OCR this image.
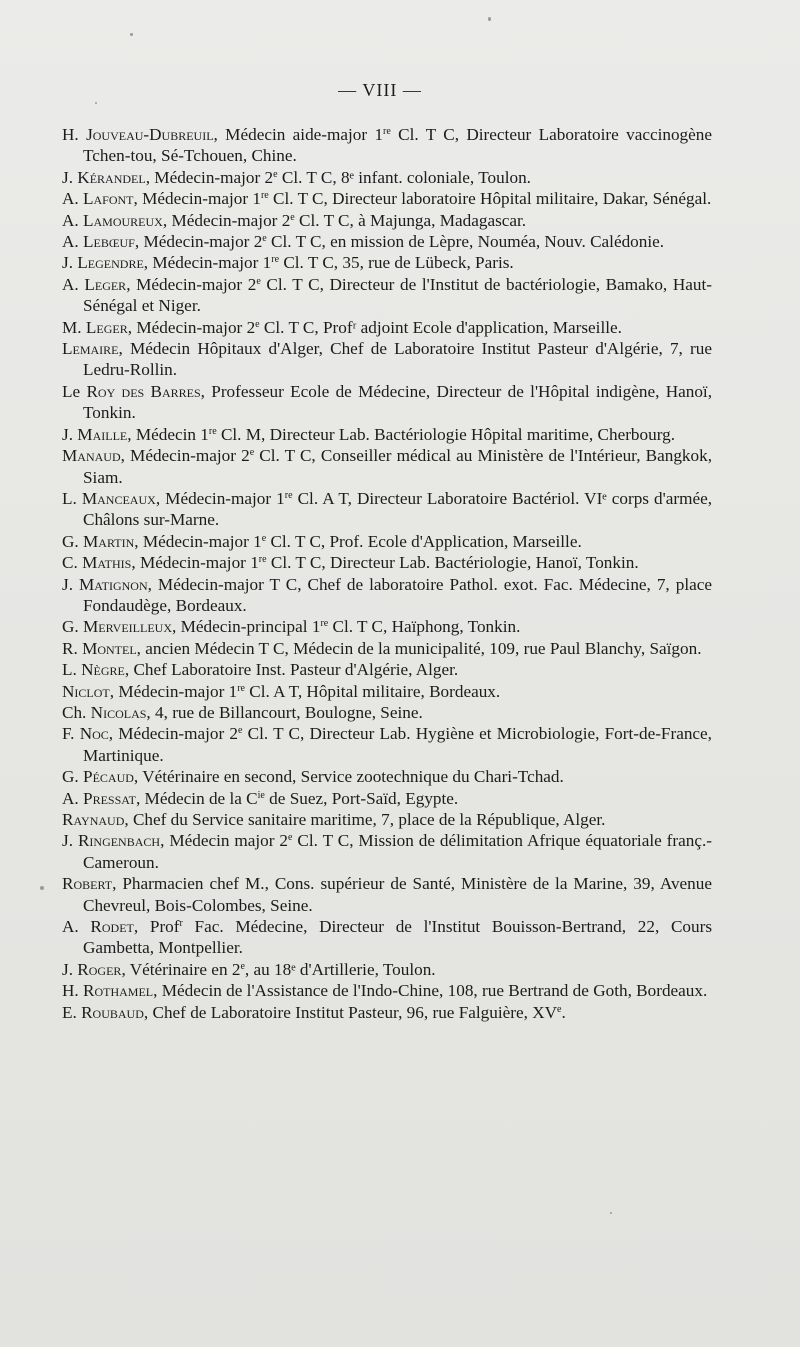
— VIII —
H. Jouveau-Dubreuil, Médecin aide-major 1re Cl. T C, Directeur Laboratoire vaccinogène Tchen-tou, Sé-Tchouen, Chine.
J. Kérandel, Médecin-major 2e Cl. T C, 8ᵉ infant. coloniale, Toulon.
A. Lafont, Médecin-major 1re Cl. T C, Directeur laboratoire Hôpital militaire, Dakar, Sénégal.
A. Lamoureux, Médecin-major 2e Cl. T C, à Majunga, Madagascar.
A. Lebœuf, Médecin-major 2e Cl. T C, en mission de Lèpre, Nouméa, Nouv. Calédonie.
J. Legendre, Médecin-major 1re Cl. T C, 35, rue de Lübeck, Paris.
A. Leger, Médecin-major 2e Cl. T C, Directeur de l'Institut de bactériologie, Bamako, Haut-Sénégal et Niger.
M. Leger, Médecin-major 2e Cl. T C, Profʳ adjoint Ecole d'application, Marseille.
Lemaire, Médecin Hôpitaux d'Alger, Chef de Laboratoire Institut Pasteur d'Algérie, 7, rue Ledru-Rollin.
Le Roy des Barres, Professeur Ecole de Médecine, Directeur de l'Hôpital indigène, Hanoï, Tonkin.
J. Maille, Médecin 1re Cl. M, Directeur Lab. Bactériologie Hôpital maritime, Cherbourg.
Manaud, Médecin-major 2e Cl. T C, Conseiller médical au Ministère de l'Intérieur, Bangkok, Siam.
L. Manceaux, Médecin-major 1re Cl. A T, Directeur Laboratoire Bactériol. VIᵉ corps d'armée, Châlons sur-Marne.
G. Martin, Médecin-major 1e Cl. T C, Prof. Ecole d'Application, Marseille.
C. Mathis, Médecin-major 1re Cl. T C, Directeur Lab. Bactériologie, Hanoï, Tonkin.
J. Matignon, Médecin-major T C, Chef de laboratoire Pathol. exot. Fac. Médecine, 7, place Fondaudège, Bordeaux.
G. Merveilleux, Médecin-principal 1re Cl. T C, Haïphong, Tonkin.
R. Montel, ancien Médecin T C, Médecin de la municipalité, 109, rue Paul Blanchy, Saïgon.
L. Nègre, Chef Laboratoire Inst. Pasteur d'Algérie, Alger.
Niclot, Médecin-major 1re Cl. A T, Hôpital militaire, Bordeaux.
Ch. Nicolas, 4, rue de Billancourt, Boulogne, Seine.
F. Noc, Médecin-major 2e Cl. T C, Directeur Lab. Hygiène et Microbiologie, Fort-de-France, Martinique.
G. Pécaud, Vétérinaire en second, Service zootechnique du Chari-Tchad.
A. Pressat, Médecin de la $C^{ie}$ de Suez, Port-Saïd, Egypte.
Raynaud, Chef du Service sanitaire maritime, 7, place de la République, Alger.
J. Ringenbach, Médecin major 2e Cl. T C, Mission de délimitation Afrique équatoriale franç.-Cameroun.
Robert, Pharmacien chef M., Cons. supérieur de Santé, Ministère de la Marine, 39, Avenue Chevreul, Bois-Colombes, Seine.
A. Rodet, Prof$^r$ Fac. Médecine, Directeur de l'Institut Bouisson-Bertrand, 22, Cours Gambetta, Montpellier.
J. Roger, Vétérinaire en 2e, au 18ᵉ d'Artillerie, Toulon.
H. Rothamel, Médecin de l'Assistance de l'Indo-Chine, 108, rue Bertrand de Goth, Bordeaux.
E. Roubaud, Chef de Laboratoire Institut Pasteur, 96, rue Falguière, XVe.
